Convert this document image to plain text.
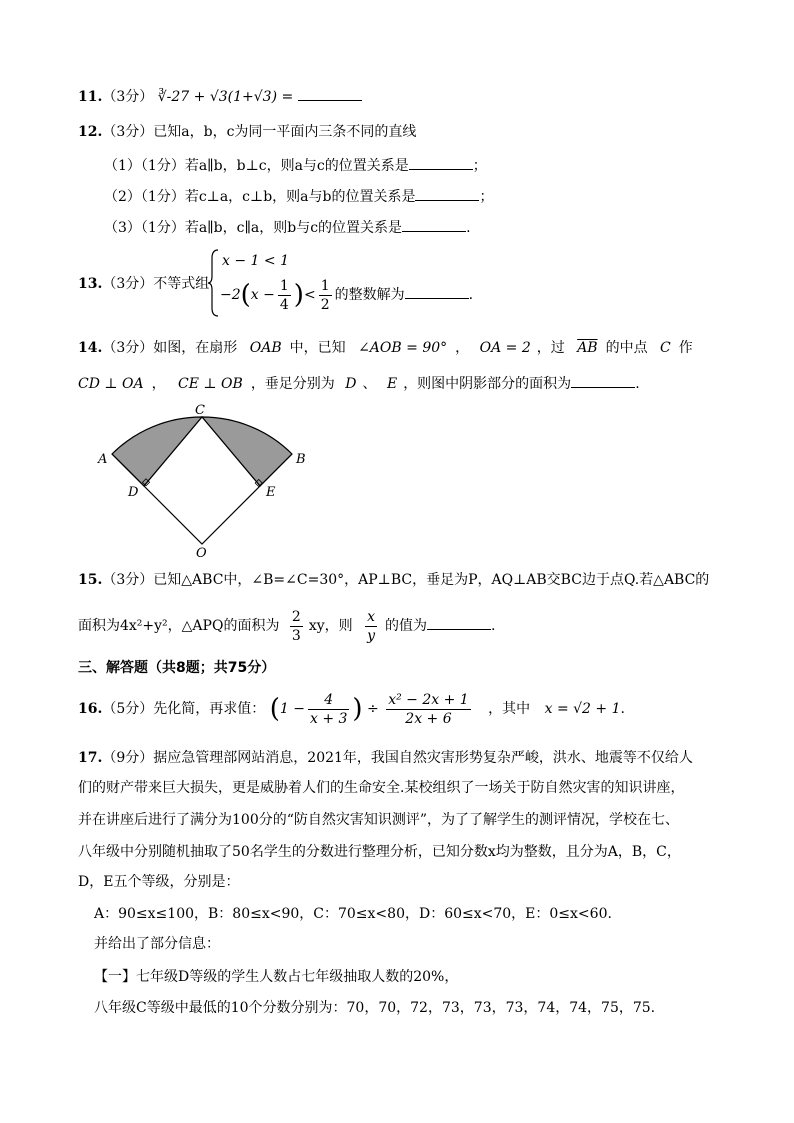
11.（3分） ∛-27 + √3(1+√3) =
12.（3分）已知a，b，c为同一平面内三条不同的直线
（1）（1分）若a∥b，b⊥c，则a与c的位置关系是	；
（2）（1分）若c⊥a，c⊥b，则a与b的位置关系是	；
（3）（1分）若a∥b，c∥a，则b与c的位置关系是	.
13.（3分）不等式组
x − 1 < 1
$-2(x - \frac{1}{4}$ )< $\frac{1}{2}$ 的整数解为	.
14.（3分）如图，在扇形 OAB 中，已知 ∠AOB = 90° ， OA = 2 ，过 $\overline{AB}$ 的中点 C 作
CD ⊥ OA ， CE ⊥ OB ，垂足分别为 D 、 E ，则图中阴影部分的面积为	.
A	B
C
D	E
O
15.（3分）已知△ABC中，∠B=∠C=30°，AP⊥BC，垂足为P，AQ⊥AB交BC边于点Q.若△ABC的
面积为4x²+y²，△APQ的面积为 $\frac{2}{3}$ xy，则 $\frac{x}{y}$ 的值为	.
三、解答题（共8题；共75分）
16.（5分）先化简，再求值： ($1 - \frac{4}{x + 3}$ ) ÷ $\frac{\text{x² − 2x + 1}}{2x + 6}$ ，其中 x = √2 + 1.
17.（9分）据应急管理部网站消息，2021年，我国自然灾害形势复杂严峻，洪水、地震等不仅给人
们的财产带来巨大损失，更是威胁着人们的生命安全.某校组织了一场关于防自然灾害的知识讲座，
并在讲座后进行了满分为100分的“防自然灾害知识测评”，为了了解学生的测评情况，学校在七、
八年级中分别随机抽取了50名学生的分数进行整理分析，已知分数x均为整数，且分为A，B，C，
D，E五个等级，分别是：
A：90≤x≤100，B：80≤x<90，C：70≤x<80，D：60≤x<70，E：0≤x<60.
并给出了部分信息：
【一】七年级D等级的学生人数占七年级抽取人数的20%，
八年级C等级中最低的10个分数分别为：70，70，72，73，73，73，74，74，75，75.
